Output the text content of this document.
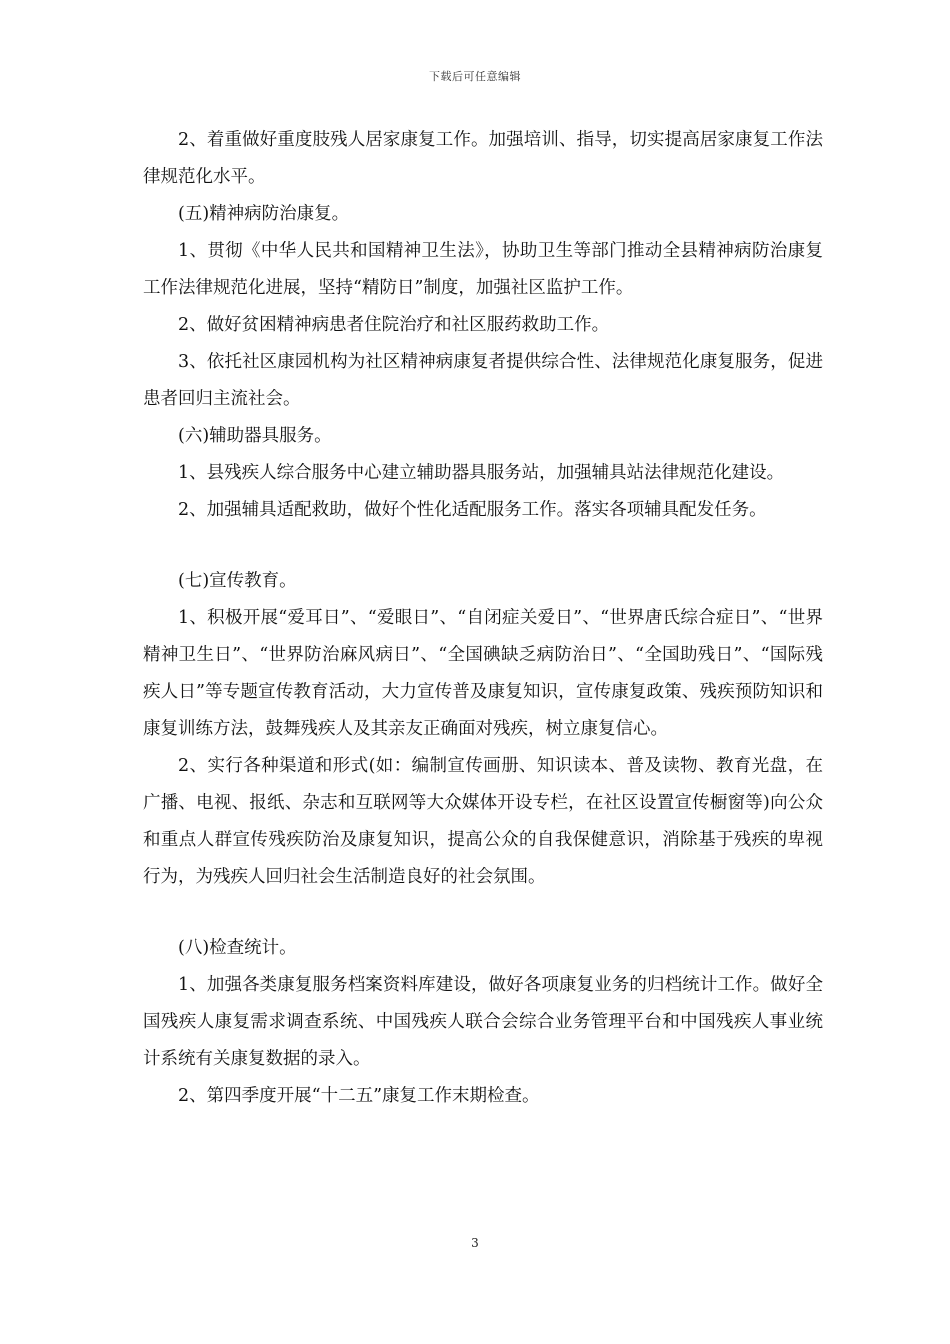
下载后可任意编辑

2、着重做好重度肢残人居家康复工作。加强培训、指导，切实提高居家康复工作法律规范化水平。

(五)精神病防治康复。

1、贯彻《中华人民共和国精神卫生法》，协助卫生等部门推动全县精神病防治康复工作法律规范化进展，坚持“精防日”制度，加强社区监护工作。

2、做好贫困精神病患者住院治疗和社区服药救助工作。

3、依托社区康园机构为社区精神病康复者提供综合性、法律规范化康复服务，促进患者回归主流社会。

(六)辅助器具服务。

1、县残疾人综合服务中心建立辅助器具服务站，加强辅具站法律规范化建设。

2、加强辅具适配救助，做好个性化适配服务工作。落实各项辅具配发任务。

(七)宣传教育。

1、积极开展“爱耳日”、“爱眼日”、“自闭症关爱日”、“世界唐氏综合症日”、“世界精神卫生日”、“世界防治麻风病日”、“全国碘缺乏病防治日”、“全国助残日”、“国际残疾人日”等专题宣传教育活动，大力宣传普及康复知识，宣传康复政策、残疾预防知识和康复训练方法，鼓舞残疾人及其亲友正确面对残疾，树立康复信心。

2、实行各种渠道和形式(如：编制宣传画册、知识读本、普及读物、教育光盘，在广播、电视、报纸、杂志和互联网等大众媒体开设专栏，在社区设置宣传橱窗等)向公众和重点人群宣传残疾防治及康复知识，提高公众的自我保健意识，消除基于残疾的卑视行为，为残疾人回归社会生活制造良好的社会氛围。

(八)检查统计。

1、加强各类康复服务档案资料库建设，做好各项康复业务的归档统计工作。做好全国残疾人康复需求调查系统、中国残疾人联合会综合业务管理平台和中国残疾人事业统计系统有关康复数据的录入。

2、第四季度开展“十二五”康复工作末期检查。

3
